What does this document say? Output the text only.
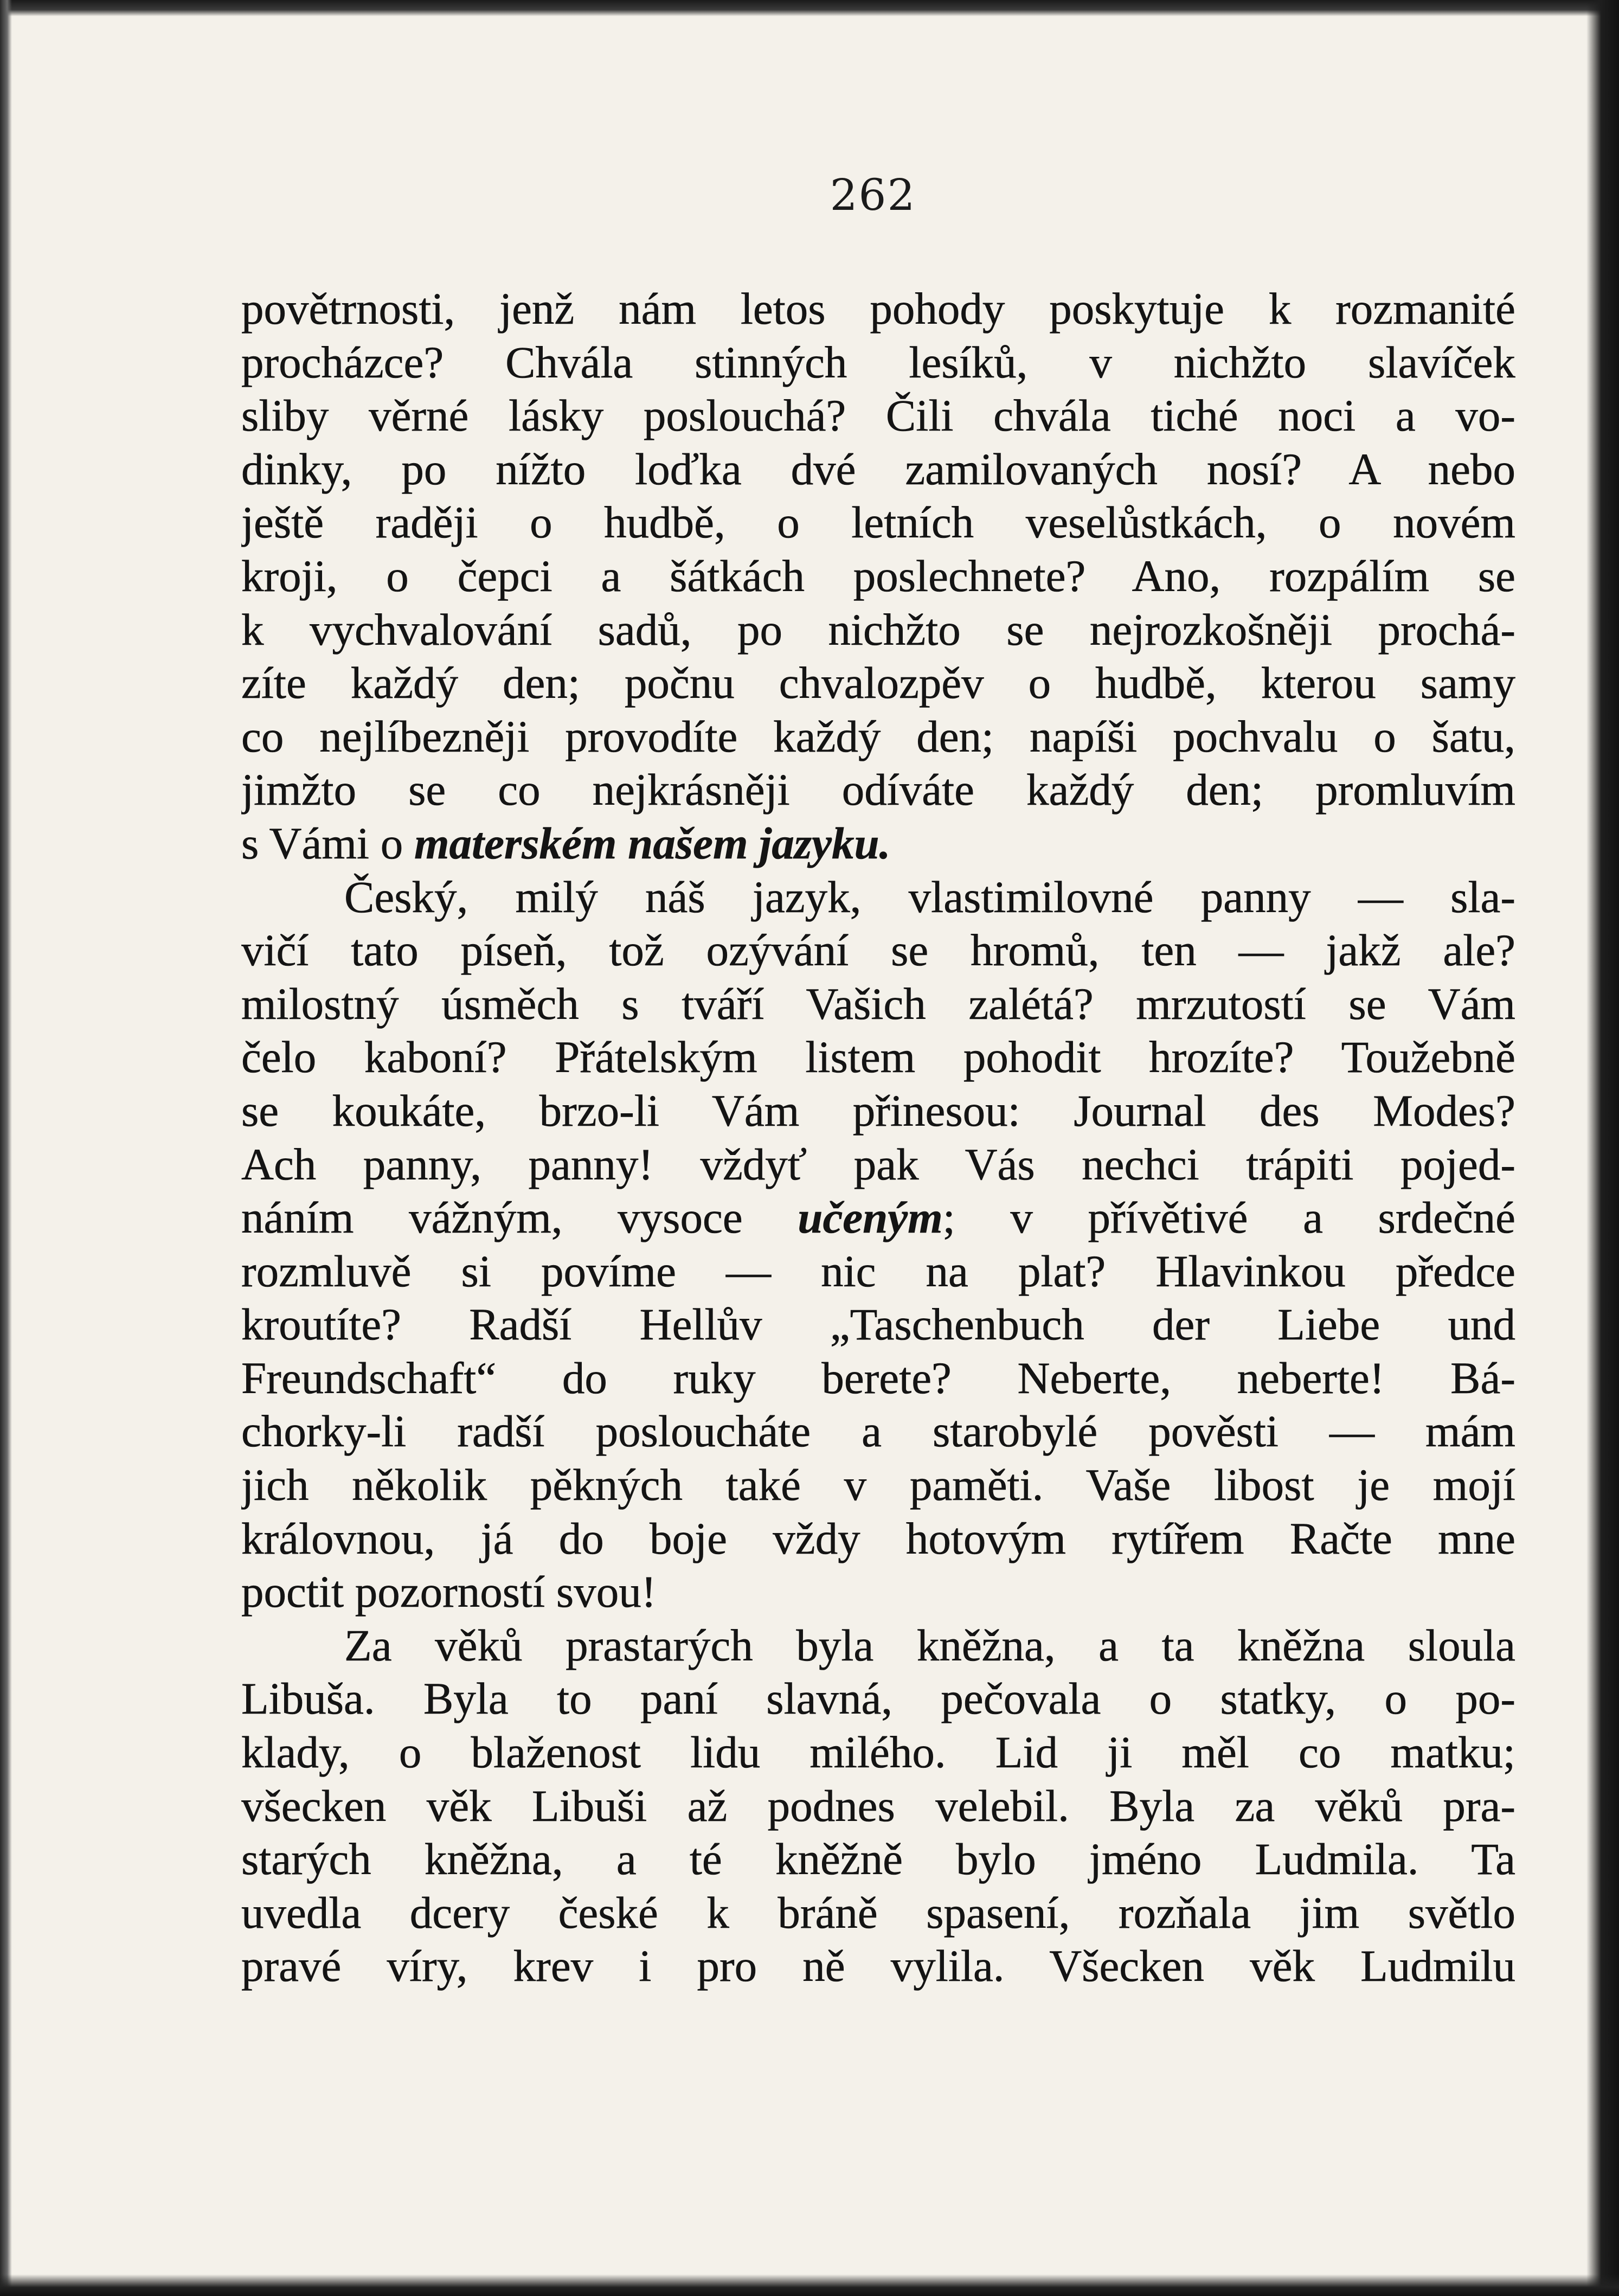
262
povětrnosti, jenž nám letos pohody poskytuje k rozmanité
procházce? Chvála stinných lesíků, v nichžto slavíček
sliby věrné lásky poslouchá? Čili chvála tiché noci a vo-
dinky, po nížto loďka dvé zamilovaných nosí? A nebo
ještě raději o hudbě, o letních veselůstkách, o novém
kroji, o čepci a šátkách poslechnete? Ano, rozpálím se
k vychvalování sadů, po nichžto se nejrozkošněji prochá-
zíte každý den; počnu chvalozpěv o hudbě, kterou samy
co nejlíbezněji provodíte každý den; napíši pochvalu o šatu,
jimžto se co nejkrásněji odíváte každý den; promluvím
s Vámi o materském našem jazyku.
Český, milý náš jazyk, vlastimilovné panny — sla-
vičí tato píseň, tož ozývání se hromů, ten — jakž ale?
milostný úsměch s tváří Vašich zalétá? mrzutostí se Vám
čelo kaboní? Přátelským listem pohodit hrozíte? Toužebně
se koukáte, brzo-li Vám přinesou: Journal des Modes?
Ach panny, panny! vždyť pak Vás nechci trápiti pojed-
náním vážným, vysoce učeným; v přívětivé a srdečné
rozmluvě si povíme — nic na plat? Hlavinkou předce
kroutíte? Radší Hellův „Taschenbuch der Liebe und
Freundschaft“ do ruky berete? Neberte, neberte! Bá-
chorky-li radší posloucháte a starobylé pověsti — mám
jich několik pěkných také v paměti. Vaše libost je mojí
královnou, já do boje vždy hotovým rytířem Račte mne
poctit pozorností svou!
Za věků prastarých byla kněžna, a ta kněžna sloula
Libuša. Byla to paní slavná, pečovala o statky, o po-
klady, o blaženost lidu milého. Lid ji měl co matku;
všecken věk Libuši až podnes velebil. Byla za věků pra-
starých kněžna, a té kněžně bylo jméno Ludmila. Ta
uvedla dcery české k bráně spasení, rozňala jim světlo
pravé víry, krev i pro ně vylila. Všecken věk Ludmilu
